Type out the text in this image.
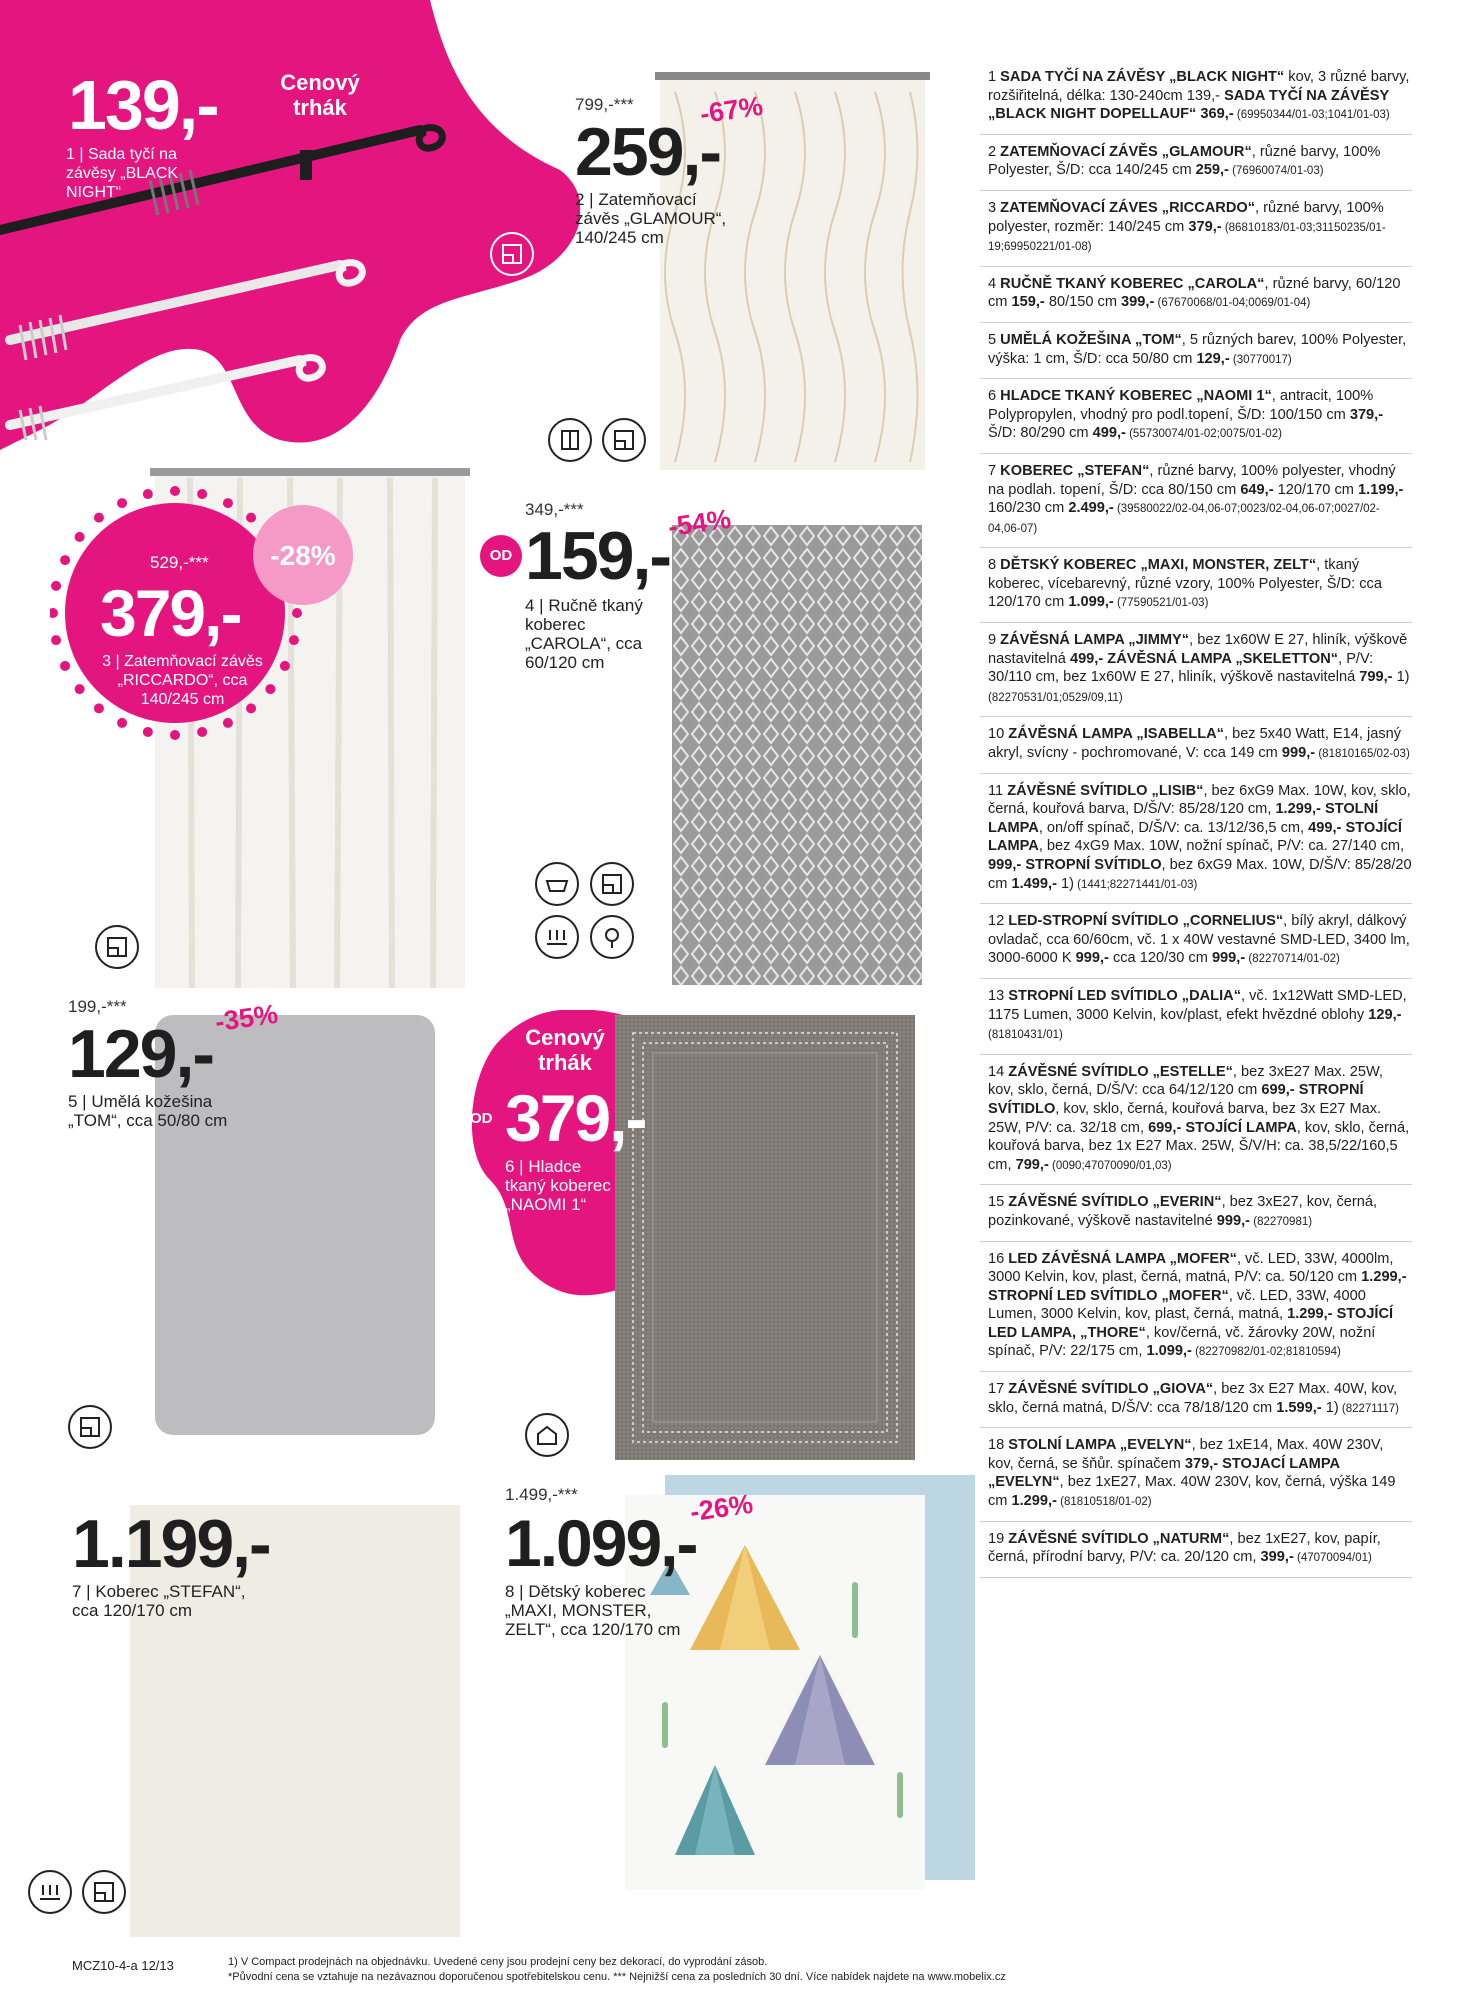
139,-
1 | Sada tyčí na závěsy „BLACK NIGHT“
Cenový trhák	799,-*** -67%
259,-
2 | Zatemňovací závěs „GLAMOUR“, 140/245 cm
-28%
529,-***
379,-
3 | Zatemňovací závěs „RICCARDO“, cca 140/245 cm
OD
349,-***	-54%
159,-
4 | Ručně tkaný koberec „CAROLA“, cca 60/120 cm
199,-***	-35%
129,-
5 | Umělá kožešina „TOM“, cca 50/80 cm
Cenový trhák
OD 379,-
6 | Hladce tkaný koberec „NAOMI 1“
1.199,-
7 | Koberec „STEFAN“, cca 120/170 cm
1.499,-***	-26%
1.099,-
8 | Dětský koberec „MAXI, MONSTER, ZELT“, cca 120/170 cm
1 SADA TYČÍ NA ZÁVĚSY „BLACK NIGHT“ kov, 3 různé barvy, rozšiřitelná, délka: 130-240cm 139,- SADA TYČÍ NA ZÁVĚSY „BLACK NIGHT DOPELLAUF“ 369,- (69950344/01-03;1041/01-03)
2 ZATEMŇOVACÍ ZÁVĚS „GLAMOUR“, různé barvy, 100% Polyester, Š/D: cca 140/245 cm 259,- (76960074/01-03)
3 ZATEMŇOVACÍ ZÁVES „RICCARDO“, různé barvy, 100% polyester, rozměr: 140/245 cm 379,- (86810183/01-03;31150235/01-19;69950221/01-08)
4 RUČNĚ TKANÝ KOBEREC „CAROLA“, různé barvy, 60/120 cm 159,- 80/150 cm 399,- (67670068/01-04;0069/01-04)
5 UMĚLÁ KOŽEŠINA „TOM“, 5 různých barev, 100% Polyester, výška: 1 cm, Š/D: cca 50/80 cm 129,- (30770017)
6 HLADCE TKANÝ KOBEREC „NAOMI 1“, antracit, 100% Polypropylen, vhodný pro podl.topení, Š/D: 100/150 cm 379,- Š/D: 80/290 cm 499,- (55730074/01-02;0075/01-02)
7 KOBEREC „STEFAN“, různé barvy, 100% polyester, vhodný na podlah. topení, Š/D: cca 80/150 cm 649,- 120/170 cm 1.199,- 160/230 cm 2.499,- (39580022/02-04,06-07;0023/02-04,06-07;0027/02-04,06-07)
8 DĚTSKÝ KOBEREC „MAXI, MONSTER, ZELT“, tkaný koberec, vícebarevný, různé vzory, 100% Polyester, Š/D: cca 120/170 cm 1.099,- (77590521/01-03)
9 ZÁVĚSNÁ LAMPA „JIMMY“, bez 1x60W E 27, hliník, výškově nastavitelná 499,- ZÁVĚSNÁ LAMPA „SKELETTON“, P/V: 30/110 cm, bez 1x60W E 27, hliník, výškově nastavitelná 799,- 1) (82270531/01;0529/09,11)
10 ZÁVĚSNÁ LAMPA „ISABELLA“, bez 5x40 Watt, E14, jasný akryl, svícny - pochromované, V: cca 149 cm 999,- (81810165/02-03)
11 ZÁVĚSNÉ SVÍTIDLO „LISIB“, bez 6xG9 Max. 10W, kov, sklo, černá, kouřová barva, D/Š/V: 85/28/120 cm, 1.299,- STOLNÍ LAMPA, on/off spínač, D/Š/V: ca. 13/12/36,5 cm, 499,- STOJÍCÍ LAMPA, bez 4xG9 Max. 10W, nožní spínač, P/V: ca. 27/140 cm, 999,- STROPNÍ SVÍTIDLO, bez 6xG9 Max. 10W, D/Š/V: 85/28/20 cm 1.499,- 1) (1441;82271441/01-03)
12 LED-STROPNÍ SVÍTIDLO „CORNELIUS“, bílý akryl, dálkový ovladač, cca 60/60cm, vč. 1 x 40W vestavné SMD-LED, 3400 lm, 3000-6000 K 999,- cca 120/30 cm 999,- (82270714/01-02)
13 STROPNÍ LED SVÍTIDLO „DALIA“, vč. 1x12Watt SMD-LED, 1175 Lumen, 3000 Kelvin, kov/plast, efekt hvězdné oblohy 129,- (81810431/01)
14 ZÁVĚSNÉ SVÍTIDLO „ESTELLE“, bez 3xE27 Max. 25W, kov, sklo, černá, D/Š/V: cca 64/12/120 cm 699,- STROPNÍ SVÍTIDLO, kov, sklo, černá, kouřová barva, bez 3x E27 Max. 25W, P/V: ca. 32/18 cm, 699,- STOJÍCÍ LAMPA, kov, sklo, černá, kouřová barva, bez 1x E27 Max. 25W, Š/V/H: ca. 38,5/22/160,5 cm, 799,- (0090;47070090/01,03)
15 ZÁVĚSNÉ SVÍTIDLO „EVERIN“, bez 3xE27, kov, černá, pozinkované, výškově nastavitelné 999,- (82270981)
16 LED ZÁVĚSNÁ LAMPA „MOFER“, vč. LED, 33W, 4000lm, 3000 Kelvin, kov, plast, černá, matná, P/V: ca. 50/120 cm 1.299,- STROPNÍ LED SVÍTIDLO „MOFER“, vč. LED, 33W, 4000 Lumen, 3000 Kelvin, kov, plast, černá, matná, 1.299,- STOJÍCÍ LED LAMPA, „THORE“, kov/černá, vč. žárovky 20W, nožní spínač, P/V: 22/175 cm, 1.099,- (82270982/01-02;81810594)
17 ZÁVĚSNÉ SVÍTIDLO „GIOVA“, bez 3x E27 Max. 40W, kov, sklo, černá matná, D/Š/V: cca 78/18/120 cm 1.599,- 1) (82271117)
18 STOLNÍ LAMPA „EVELYN“, bez 1xE14, Max. 40W 230V, kov, černá, se šňůr. spínačem 379,- STOJACÍ LAMPA „EVELYN“, bez 1xE27, Max. 40W 230V, kov, černá, výška 149 cm 1.299,- (81810518/01-02)
19 ZÁVĚSNÉ SVÍTIDLO „NATURM“, bez 1xE27, kov, papír, černá, přírodní barvy, P/V: ca. 20/120 cm, 399,- (47070094/01)
MCZ10-4-a 12/13	1) V Compact prodejnách na objednávku. Uvedené ceny jsou prodejní ceny bez dekorací, do vyprodání zásob.
*Původní cena se vztahuje na nezávaznou doporučenou spotřebitelskou cenu. *** Nejnižší cena za posledních 30 dní. Více nabídek najdete na www.mobelix.cz
